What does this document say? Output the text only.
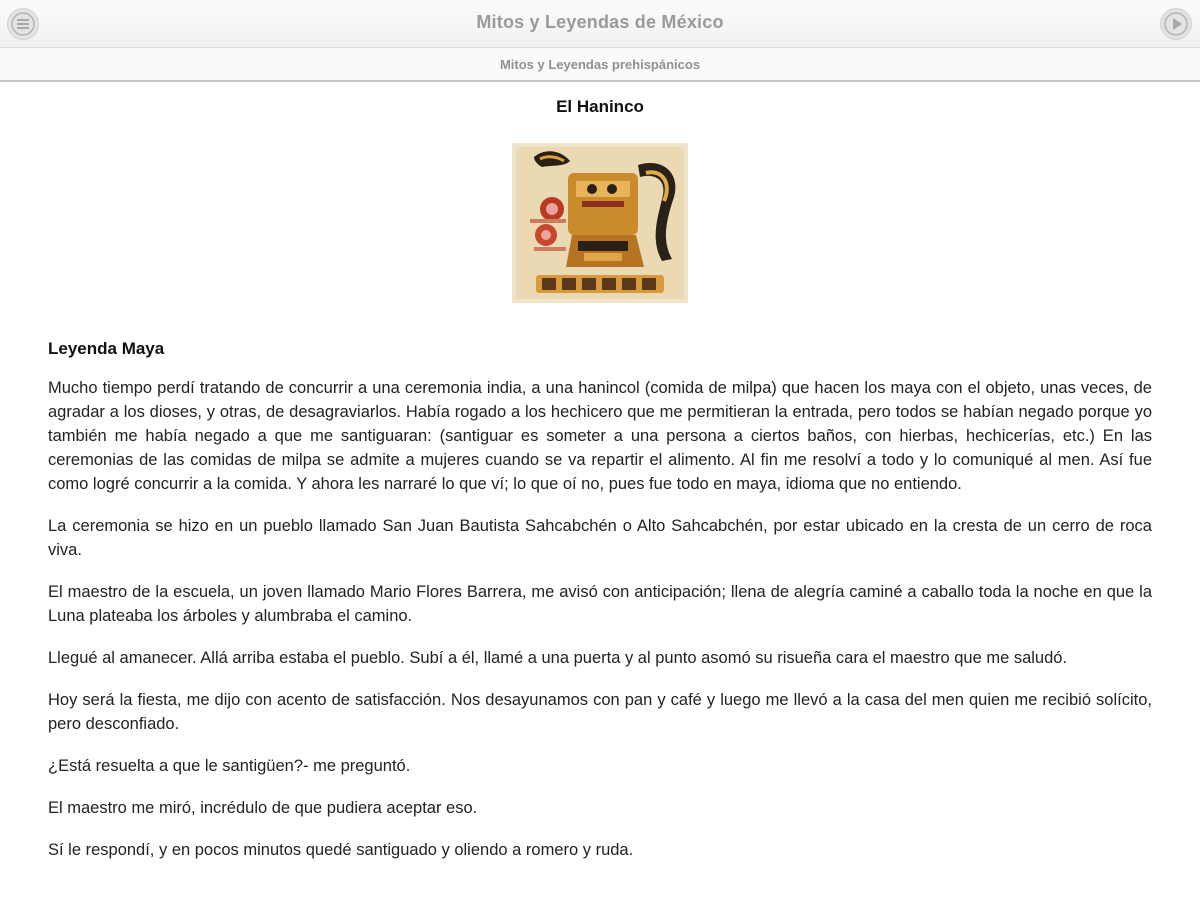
Mitos y Leyendas de México
Mitos y Leyendas prehispánicos
El Haninco
Leyenda Maya

Mucho tiempo perdí tratando de concurrir a una ceremonia india, a una hanincol (comida de milpa) que hacen los maya con el objeto, unas veces, de agradar a los dioses, y otras, de desagraviarlos. Había rogado a los hechicero que me permitieran la entrada, pero todos se habían negado porque yo también me había negado a que me santiguaran: (santiguar es someter a una persona a ciertos baños, con hierbas, hechicerías, etc.) En las ceremonias de las comidas de milpa se admite a mujeres cuando se va repartir el alimento. Al fin me resolví a todo y lo comuniqué al men. Así fue como logré concurrir a la comida. Y ahora les narraré lo que ví; lo que oí no, pues fue todo en maya, idioma que no entiendo.

La ceremonia se hizo en un pueblo llamado San Juan Bautista Sahcabchén o Alto Sahcabchén, por estar ubicado en la cresta de un cerro de roca viva.

El maestro de la escuela, un joven llamado Mario Flores Barrera, me avisó con anticipación; llena de alegría caminé a caballo toda la noche en que la Luna plateaba los árboles y alumbraba el camino.

Llegué al amanecer. Allá arriba estaba el pueblo. Subí a él, llamé a una puerta y al punto asomó su risueña cara el maestro que me saludó.

Hoy será la fiesta, me dijo con acento de satisfacción. Nos desayunamos con pan y café y luego me llevó a la casa del men quien me recibió solícito, pero desconfiado.

¿Está resuelta a que le santigüen?- me preguntó.

El maestro me miró, incrédulo de que pudiera aceptar eso.

Sí le respondí, y en pocos minutos quedé santiguado y oliendo a romero y ruda.
